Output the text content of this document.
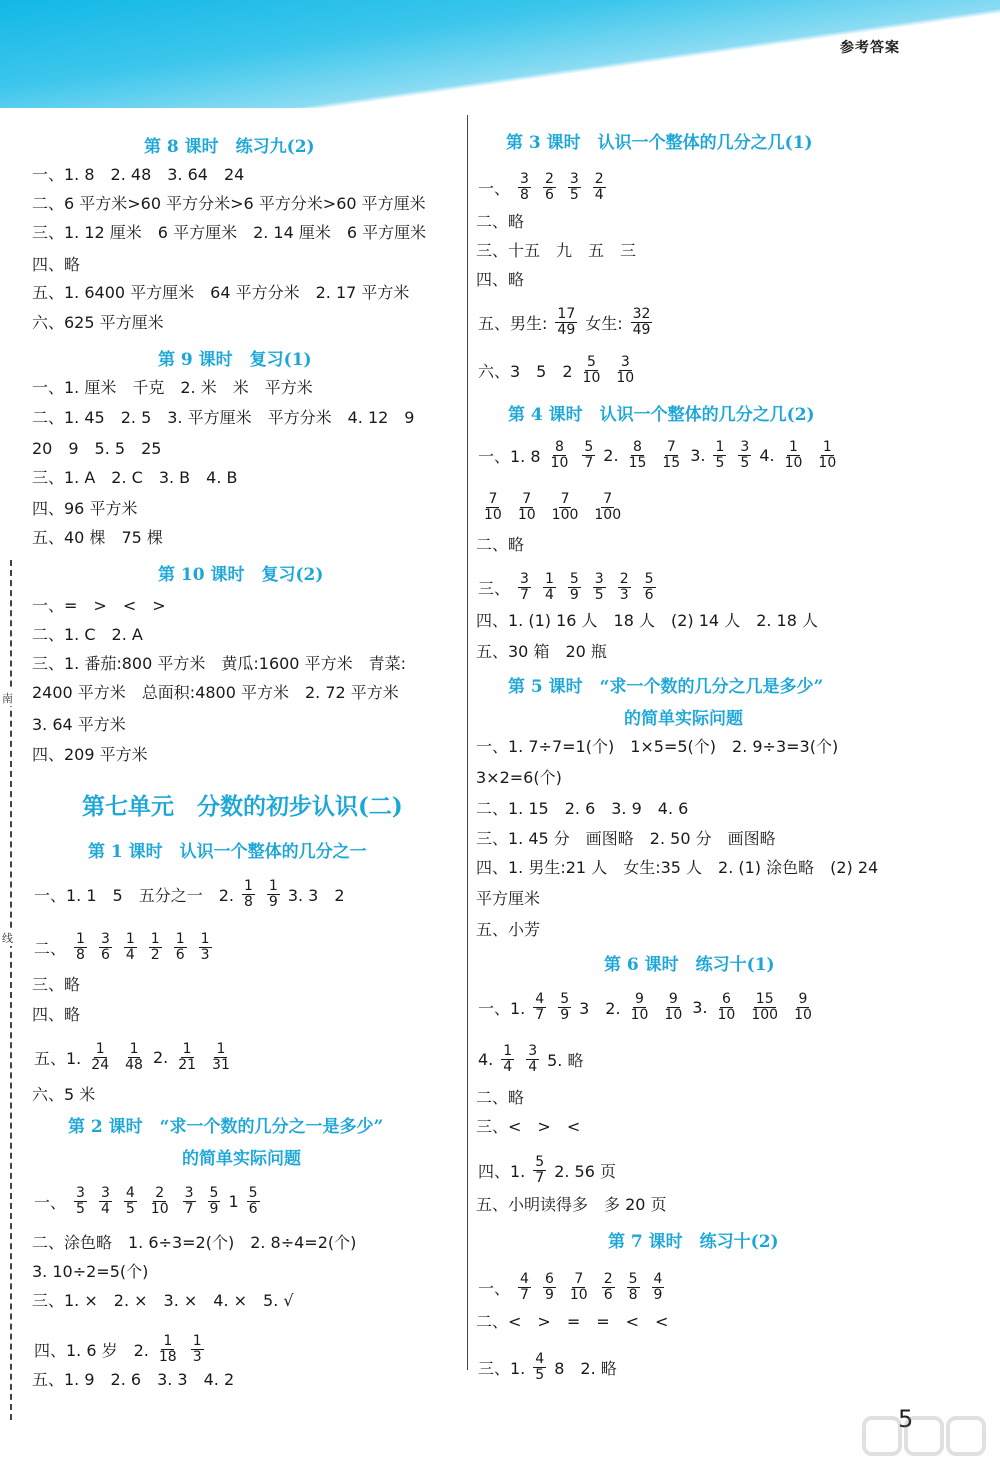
参考答案
南
线
第 8 课时　练习九(2)
一、1. 8　2. 48　3. 64　24
二、6 平方米>60 平方分米>6 平方分米>60 平方厘米
三、1. 12 厘米　6 平方厘米　2. 14 厘米　6 平方厘米
四、略
五、1. 6400 平方厘米　64 平方分米　2. 17 平方米
六、625 平方厘米
第 9 课时　复习(1)
一、1. 厘米　千克　2. 米　米　平方米
二、1. 45　2. 5　3. 平方厘米　平方分米　4. 12　9
20　9　5. 5　25
三、1. A　2. C　3. B　4. B
四、96 平方米
五、40 棵　75 棵
第 10 课时　复习(2)
一、=　>　<　>
二、1. C　2. A
三、1. 番茄:800 平方米　黄瓜:1600 平方米　青菜:
2400 平方米　总面积:4800 平方米　2. 72 平方米
3. 64 平方米
四、209 平方米
第七单元　分数的初步认识(二)
第 1 课时　认识一个整体的几分之一
一、1. 1　5　五分之一　2. $\frac{1}{8} \frac{1}{9} 3$. 3　2
二、 $\frac{1}{8} \frac{3}{6} \frac{1}{4} \frac{1}{2} \frac{1}{6} \frac{1}{3}$
三、略
四、略
五、1. $\frac{1}{24} \frac{1}{48} 2$. $\frac{1}{21} \frac{1}{31}$
六、5 米
第 2 课时　“求一个数的几分之一是多少”
的简单实际问题
一、 $\frac{3}{5} \frac{3}{4} \frac{4}{5} \frac{2}{10} \frac{3}{7} \frac{5}{9} 1 \frac{5}{6}$
二、涂色略　1. 6÷3=2(个)　2. 8÷4=2(个)
3. 10÷2=5(个)
三、1. ×　2. ×　3. ×　4. ×　5. √
四、1. 6 岁　2. $\frac{1}{18} \frac{1}{3}$
五、1. 9　2. 6　3. 3　4. 2
第 3 课时　认识一个整体的几分之几(1)
一、 $\frac{3}{8} \frac{2}{6} \frac{3}{5} \frac{2}{4}$
二、略
三、十五　九　五　三
四、略
五、男生: $\frac{17}{49}$ 女生: $\frac{32}{49}$
六、3　5　$2 \frac{5}{10} \frac{3}{10}$
第 4 课时　认识一个整体的几分之几(2)
一、1. $8 \frac{8}{10} \frac{5}{7} 2$. $\frac{8}{15} \frac{7}{15} 3$. $\frac{1}{5} \frac{3}{5} 4$. $\frac{1}{10} \frac{1}{10}$
$\frac{7}{10} \frac{7}{10} \frac{7}{100} \frac{7}{100}$
二、略
三、 $\frac{3}{7} \frac{1}{4} \frac{5}{9} \frac{3}{5} \frac{2}{3} \frac{5}{6}$
四、1. (1) 16 人　18 人　(2) 14 人　2. 18 人
五、30 箱　20 瓶
第 5 课时　“求一个数的几分之几是多少”
的简单实际问题
一、1. 7÷7=1(个)　1×5=5(个)　2. 9÷3=3(个)
3×2=6(个)
二、1. 15　2. 6　3. 9　4. 6
三、1. 45 分　画图略　2. 50 分　画图略
四、1. 男生:21 人　女生:35 人　2. (1) 涂色略　(2) 24
平方厘米
五、小芳
第 6 课时　练习十(1)
一、1. $\frac{4}{7} \frac{5}{9} 3$　2. $\frac{9}{10} \frac{9}{10} 3$. $\frac{6}{10} \frac{15}{100} \frac{9}{10}$
4. $\frac{1}{4} \frac{3}{4} 5$. 略
二、略
三、<　>　<
四、1. $\frac{5}{7} 2$. 56 页
五、小明读得多　多 20 页
第 7 课时　练习十(2)
一、 $\frac{4}{7} \frac{6}{9} \frac{7}{10} \frac{2}{6} \frac{5}{8} \frac{4}{9}$
二、<　>　=　=　<　<
三、1. $\frac{4}{5} 8$　2. 略
5
